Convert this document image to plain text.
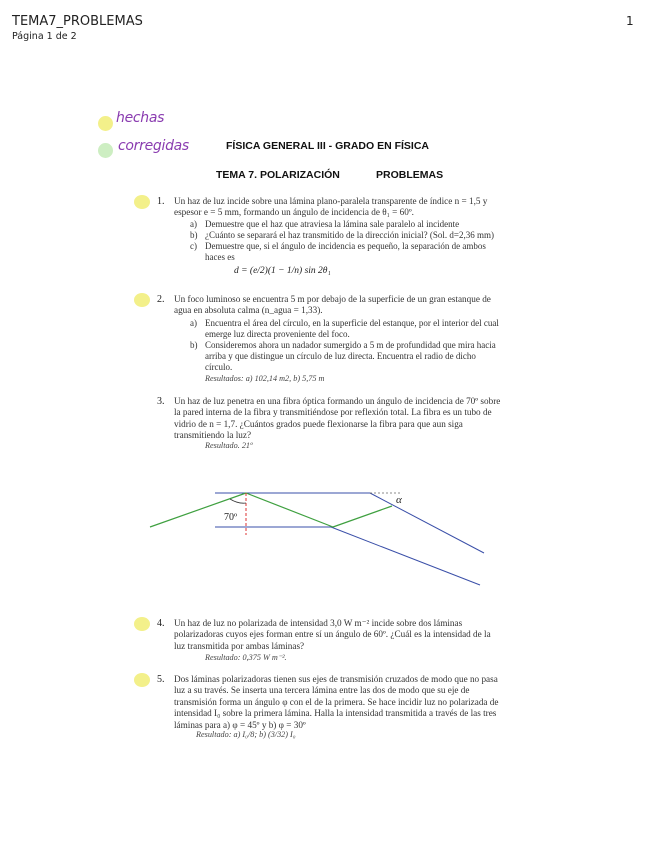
TEMA7_PROBLEMAS
Página 1 de 2
1
hechas
corregidas	FÍSICA GENERAL III - GRADO EN FÍSICA
TEMA 7. POLARIZACIÓN	PROBLEMAS
1. Un haz de luz incide sobre una lámina plano-paralela transparente de índice n = 1,5 y
espesor e = 5 mm, formando un ángulo de incidencia de θ₁ = 60º.
a) Demuestre que el haz que atraviesa la lámina sale paralelo al incidente
b) ¿Cuánto se separará el haz transmitido de la dirección inicial? (Sol. d=2,36 mm)
c) Demuestre que, si el ángulo de incidencia es pequeño, la separación de ambos
haces es
d = (e/2)(1 − 1/n) sin 2θ₁
2. Un foco luminoso se encuentra 5 m por debajo de la superficie de un gran estanque de
agua en absoluta calma (n_agua = 1,33).
a) Encuentra el área del círculo, en la superficie del estanque, por el interior del cual
emerge luz directa proveniente del foco.
b) Consideremos ahora un nadador sumergido a 5 m de profundidad que mira hacia
arriba y que distingue un círculo de luz directa. Encuentra el radio de dicho
círculo.
Resultados: a) 102,14 m2, b) 5,75 m
3. Un haz de luz penetra en una fibra óptica formando un ángulo de incidencia de 70º sobre
la pared interna de la fibra y transmitiéndose por reflexión total. La fibra es un tubo de
vidrio de n = 1,7. ¿Cuántos grados puede flexionarse la fibra para que aun siga
transmitiendo la luz?
Resultado. 21º
70º
α
4. Un haz de luz no polarizada de intensidad 3,0 W m⁻² incide sobre dos láminas
polarizadoras cuyos ejes forman entre sí un ángulo de 60º. ¿Cuál es la intensidad de la
luz transmitida por ambas láminas?
Resultado: 0,375 W m⁻².
5. Dos láminas polarizadoras tienen sus ejes de transmisión cruzados de modo que no pasa
luz a su través. Se inserta una tercera lámina entre las dos de modo que su eje de
transmisión forma un ángulo φ con el de la primera. Se hace incidir luz no polarizada de
intensidad I₀ sobre la primera lámina. Halla la intensidad transmitida a través de las tres
láminas para a) φ = 45º y b) φ = 30º
Resultado: a) I₀/8; b) (3/32) I₀
